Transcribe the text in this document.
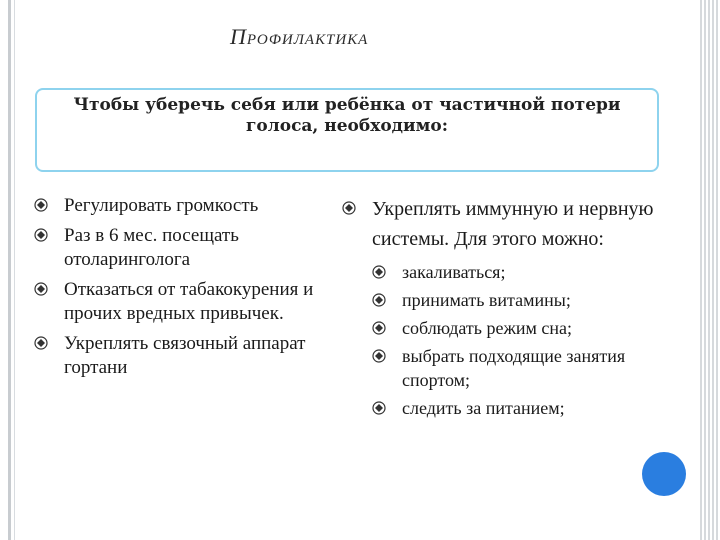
Профилактика
Чтобы уберечь себя или ребёнка от частичной потери голоса, необходимо:
Регулировать громкость
Раз в 6 мес. посещать отоларинголога
Отказаться от табакокурения и прочих вредных привычек.
Укреплять связочный аппарат гортани
Укреплять иммунную и нервную системы. Для этого можно:
закаливаться;
принимать витамины;
соблюдать режим сна;
выбрать подходящие занятия спортом;
следить за питанием;
